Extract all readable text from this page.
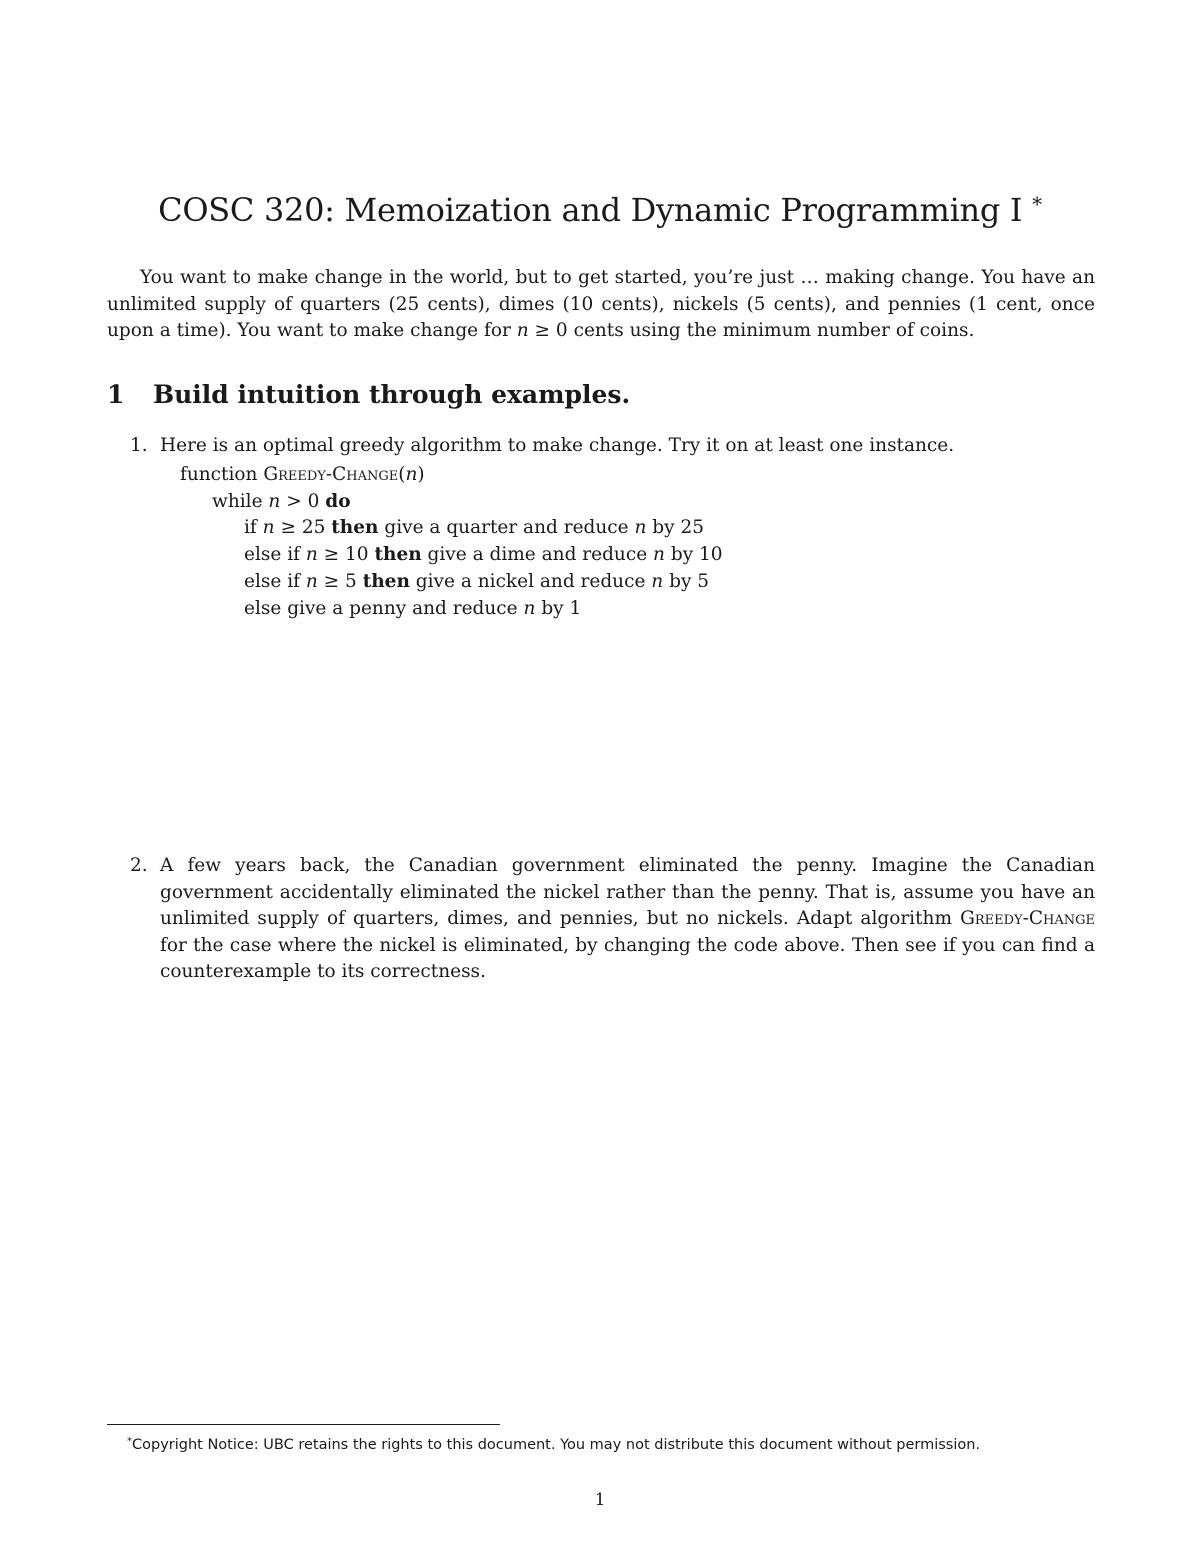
COSC 320: Memoization and Dynamic Programming I *

You want to make change in the world, but to get started, you’re just … making change. You have an unlimited supply of quarters (25 cents), dimes (10 cents), nickels (5 cents), and pennies (1 cent, once upon a time). You want to make change for n ≥ 0 cents using the minimum number of coins.

1 Build intuition through examples.
1. Here is an optimal greedy algorithm to make change. Try it on at least one instance.
function Greedy-Change(n)
while n > 0 do
if n ≥ 25 then give a quarter and reduce n by 25
else if n ≥ 10 then give a dime and reduce n by 10
else if n ≥ 5 then give a nickel and reduce n by 5
else give a penny and reduce n by 1
2. A few years back, the Canadian government eliminated the penny. Imagine the Canadian government accidentally eliminated the nickel rather than the penny. That is, assume you have an unlimited supply of quarters, dimes, and pennies, but no nickels. Adapt algorithm Greedy-Change for the case where the nickel is eliminated, by changing the code above. Then see if you can find a counterexample to its correctness.
*Copyright Notice: UBC retains the rights to this document. You may not distribute this document without permission.
1
